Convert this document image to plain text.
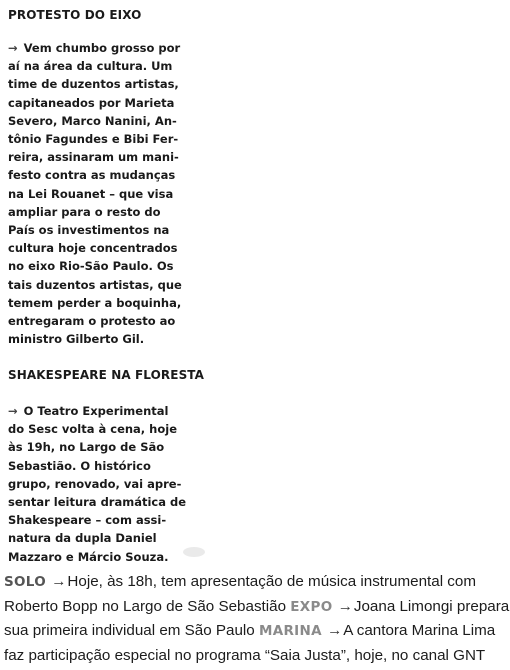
PROTESTO DO EIXO

→ Vem chumbo grosso por
aí na área da cultura. Um
time de duzentos artistas,
capitaneados por Marieta
Severo, Marco Nanini, An-
tônio Fagundes e Bibi Fer-
reira, assinaram um mani-
festo contra as mudanças
na Lei Rouanet – que visa
ampliar para o resto do
País os investimentos na
cultura hoje concentrados
no eixo Rio-São Paulo. Os
tais duzentos artistas, que
temem perder a boquinha,
entregaram o protesto ao
ministro Gilberto Gil.

SHAKESPEARE NA FLORESTA

→ O Teatro Experimental
do Sesc volta à cena, hoje
às 19h, no Largo de São
Sebastião. O histórico
grupo, renovado, vai apre-
sentar leitura dramática de
Shakespeare – com assi-
natura da dupla Daniel
Mazzaro e Márcio Souza.

SOLO →Hoje, às 18h, tem apresentação de música instrumental com
Roberto Bopp no Largo de São Sebastião EXPO →Joana Limongi prepara
sua primeira individual em São Paulo MARINA →A cantora Marina Lima
faz participação especial no programa “Saia Justa”, hoje, no canal GNT
